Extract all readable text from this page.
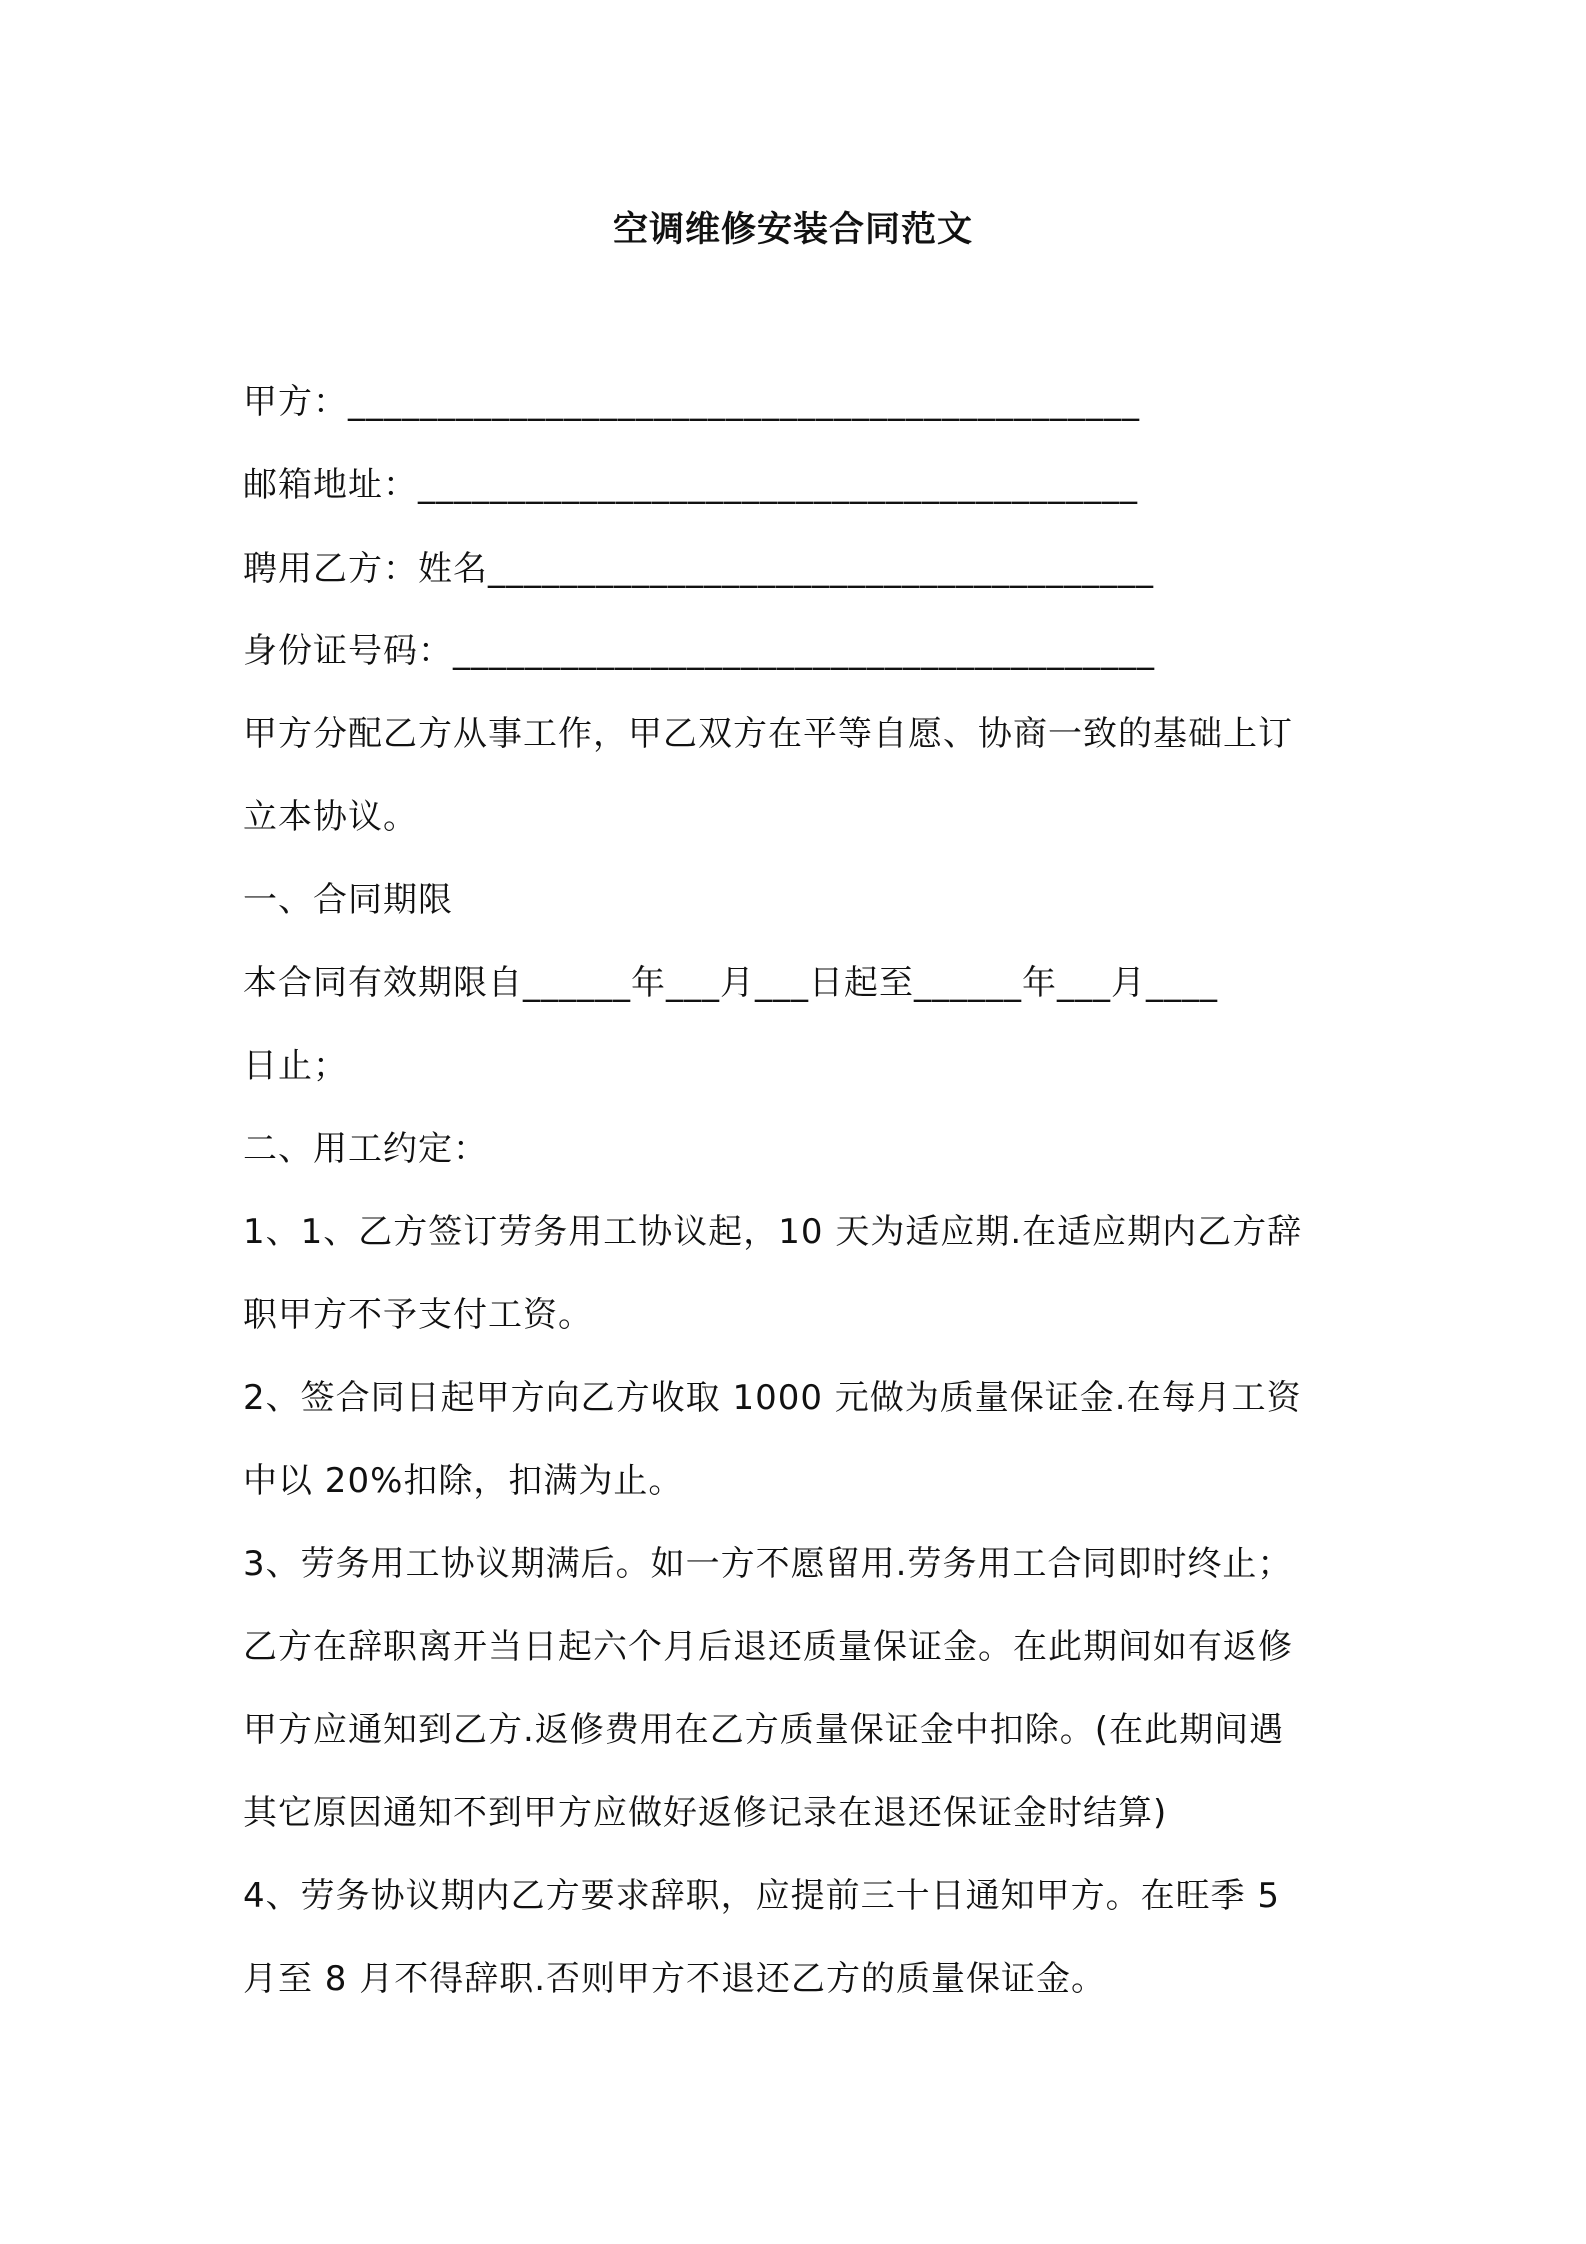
空调维修安装合同范文
甲方：____________________________________________
邮箱地址：________________________________________
聘用乙方：姓名_____________________________________
身份证号码：_______________________________________
甲方分配乙方从事工作，甲乙双方在平等自愿、协商一致的基础上订
立本协议。
一、合同期限
本合同有效期限自______年___月___日起至______年___月____
日止；
二、用工约定：
1、1、乙方签订劳务用工协议起，10 天为适应期.在适应期内乙方辞
职甲方不予支付工资。
2、签合同日起甲方向乙方收取 1000 元做为质量保证金.在每月工资
中以 20%扣除，扣满为止。
3、劳务用工协议期满后。如一方不愿留用.劳务用工合同即时终止；
乙方在辞职离开当日起六个月后退还质量保证金。在此期间如有返修
甲方应通知到乙方.返修费用在乙方质量保证金中扣除。(在此期间遇
其它原因通知不到甲方应做好返修记录在退还保证金时结算)
4、劳务协议期内乙方要求辞职，应提前三十日通知甲方。在旺季 5
月至 8 月不得辞职.否则甲方不退还乙方的质量保证金。
